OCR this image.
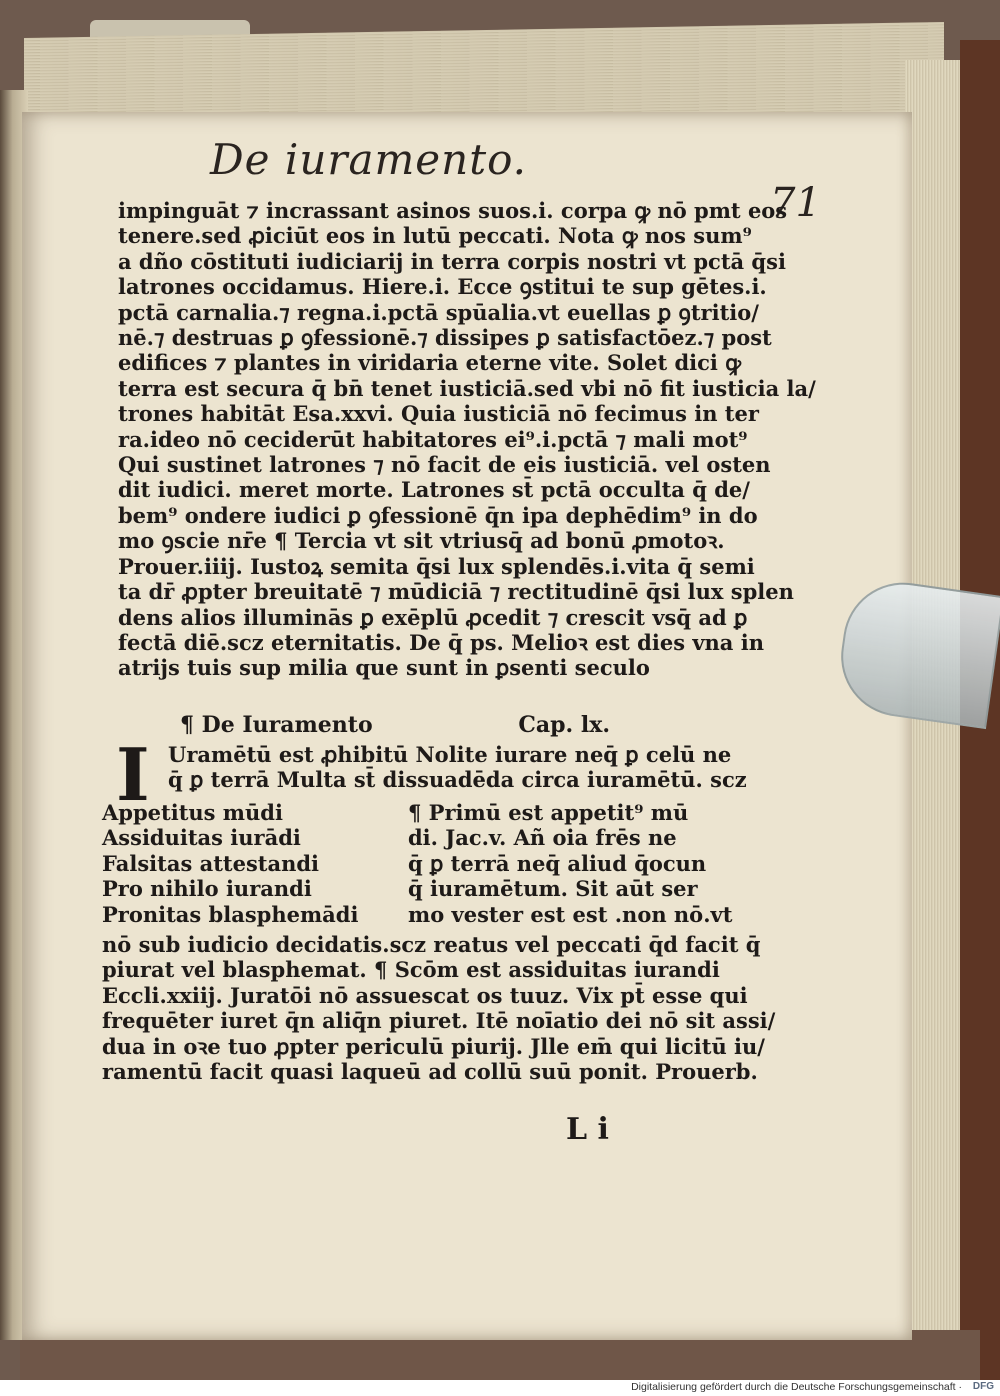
De iuramento.
71
impinguāt ⁊ incrassant asinos suos.i. corpa ꝙ nō pmt eos
tenere.sed ꝓiciūt eos in lutū peccati. Nota ꝙ nos sum⁹
a dño cōstituti iudiciarij in terra corpis nostri vt pctā q̄si
latrones occidamus. Hiere.i. Ecce ꝯstitui te sup gētes.i.
pctā carnalia.⁊ regna.i.pctā spūalia.vt euellas ꝑ ꝯtritio/
nē.⁊ destruas ꝑ ꝯfessionē.⁊ dissipes ꝑ satisfactōez.⁊ post
edifices ⁊ plantes in viridaria eterne vite. Solet dici ꝙ
terra est secura q̄ bn̄ tenet iusticiā.sed vbi nō fit iusticia la/
trones habitāt Esa.xxvi. Quia iusticiā nō fecimus in ter
ra.ideo nō ceciderūt habitatores ei⁹.i.pctā ⁊ mali mot⁹
Qui sustinet latrones ⁊ nō facit de eis iusticiā. vel osten
dit iudici. meret morte. Latrones st̄ pctā occulta q̄ de/
bem⁹ ondere iudici ꝑ ꝯfessionē q̄n ipa dephēdim⁹ in do
mo ꝯscie nr̄e ¶ Tercia vt sit vtriusq̄ ad bonū ꝓmotoꝛ.
Prouer.iiij. Iustoꝝ semita q̄si lux splendēs.i.vita q̄ semi
ta dr̄ ꝓpter breuitatē ⁊ mūdiciā ⁊ rectitudinē q̄si lux splen
dens alios illuminās ꝑ exēplū ꝓcedit ⁊ crescit vsq̄ ad ꝑ
fectā diē.scz eternitatis. De q̄ ps. Melioꝛ est dies vna in
atrijs tuis sup milia que sunt in ꝑsenti seculo
¶ De Iuramento	Cap. lx.
I Uramētū est ꝓhibitū Nolite iurare neq̄ ꝑ celū ne
q̄ ꝑ terrā Multa st̄ dissuadēda circa iuramētū. scz
Appetitus mūdi
Assiduitas iurādi
Falsitas attestandi
Pro nihilo iurandi
Pronitas blasphemādi
¶ Primū est appetit⁹ mū
di. Jac.v. Añ oia frēs ne
q̄ ꝑ terrā neq̄ aliud q̄ocun
q̄ iuramētum. Sit aūt ser
mo vester est est .non nō.vt
nō sub iudicio decidatis.scz reatus vel peccati q̄d facit q̄
piurat vel blasphemat. ¶ Scōm est assiduitas iurandi
Eccli.xxiij. Juratōi nō assuescat os tuuz. Vix pt̄ esse qui
frequēter iuret q̄n aliq̄n piuret. Itē noīatio dei nō sit assi/
dua in oꝛe tuo ꝓpter periculū piurij. Jlle em̄ qui licitū iu/
ramentū facit quasi laqueū ad collū suū ponit. Prouerb.
L i
Digitalisierung gefördert durch die Deutsche Forschungsgemeinschaft · DFG
